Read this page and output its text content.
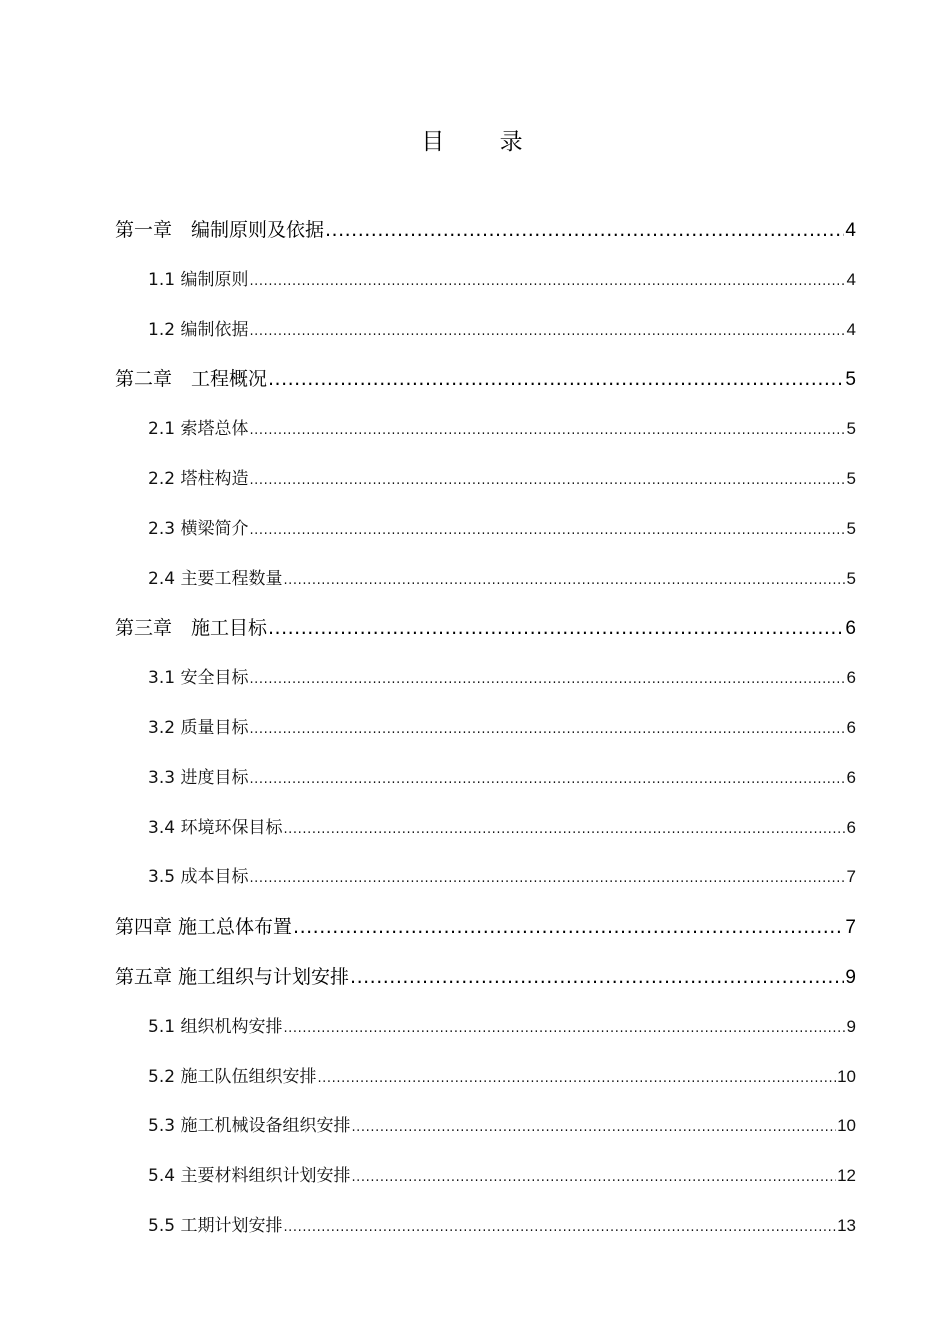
目 录
第一章　编制原则及依据 .....	4
1.1 编制原则 .....	4
1.2 编制依据 .....	4
第二章　工程概况 .....	5
2.1 索塔总体 .....	5
2.2 塔柱构造 .....	5
2.3 横梁简介 .....	5
2.4 主要工程数量 .....	5
第三章　施工目标 .....	6
3.1 安全目标 .....	6
3.2 质量目标 .....	6
3.3 进度目标 .....	6
3.4 环境环保目标 .....	6
3.5 成本目标 .....	7
第四章 施工总体布置 .....	7
第五章 施工组织与计划安排 .....	9
5.1 组织机构安排 .....	9
5.2 施工队伍组织安排 .....	10
5.3 施工机械设备组织安排 .....	10
5.4 主要材料组织计划安排 .....	12
5.5 工期计划安排 .....	13
